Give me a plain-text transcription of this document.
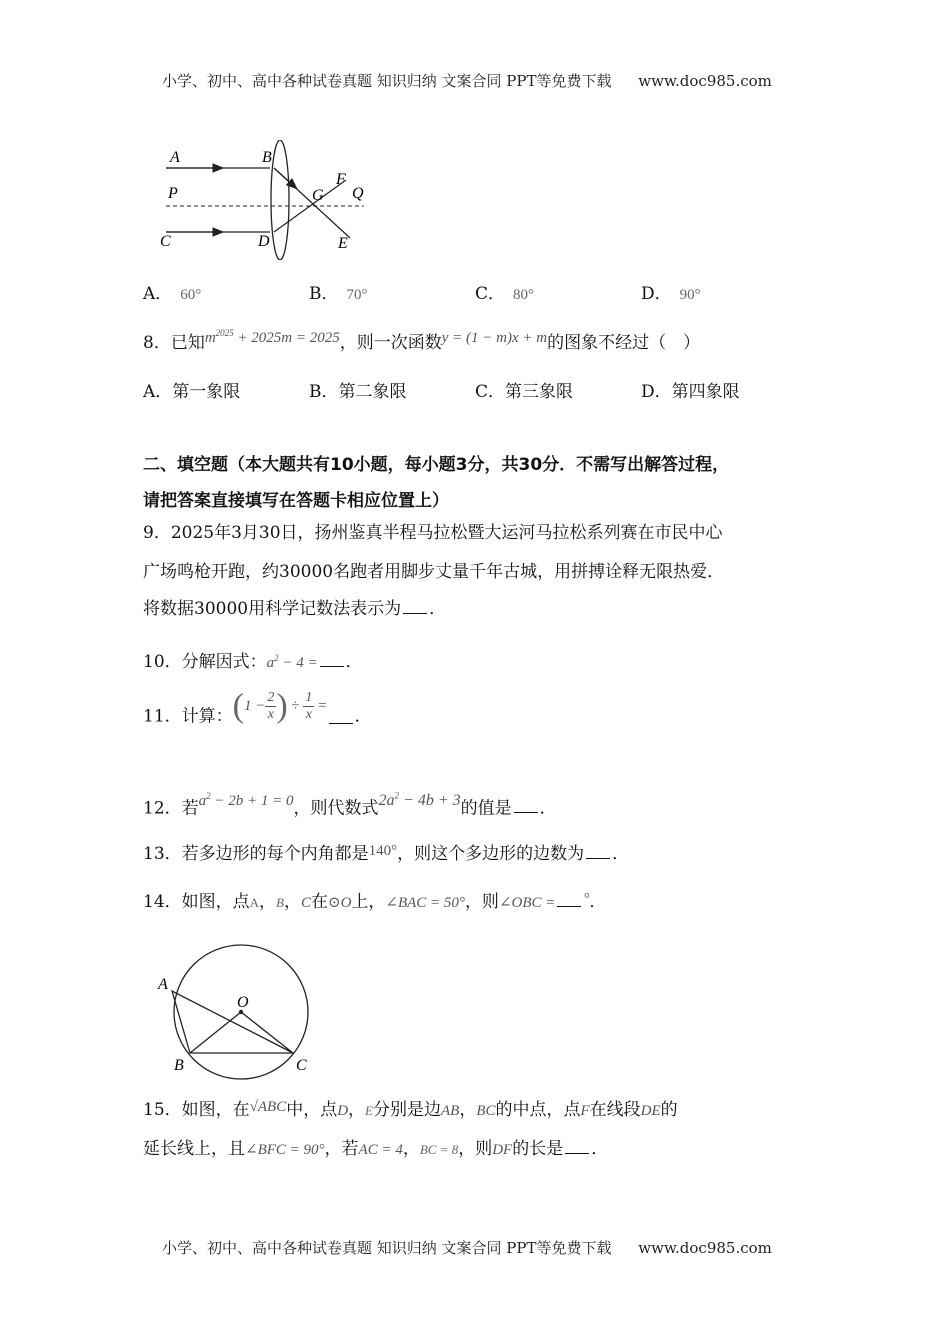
小学、初中、高中各种试卷真题 知识归纳 文案合同 PPT等免费下载 www.doc985.com
A	B
P	G
F
Q
C	D	E
A． 60°	B． 70°	C． 80°	D． 90°
8．已知$m^{2025} + 2025m = 2025$，则一次函数y = (1 − m)x + m的图象不经过（　）
A．第一象限	B．第二象限	C．第三象限	D．第四象限
二、填空题（本大题共有10小题，每小题3分，共30分．不需写出解答过程，
请把答案直接填写在答题卡相应位置上）
9．2025年3月30日，扬州鉴真半程马拉松暨大运河马拉松系列赛在市民中心
广场鸣枪开跑，约30000名跑者用脚步丈量千年古城，用拼搏诠释无限热爱．
将数据30000用科学记数法表示为 ．
10．分解因式：$a^2 - 4$ = ．
11．计算：($1 - \frac{2}{x}$ ) ÷ $\frac{1}{x}$ =．
12．若$a^2 - 2b + 1 = 0$，则代数式$2a^2 - 4b + 3$的值是 ．
13．若多边形的每个内角都是140°，则这个多边形的边数为 ．
14．如图，点A，B，C在⊙O上，∠BAC = 50°，则∠OBC = °．
A
O
B	C
15．如图，在√ABC中，点D，E分别是边AB，BC的中点，点F在线段DE的
延长线上，且∠BFC = 90°，若AC = 4，BC = 8，则DF的长是 ．
小学、初中、高中各种试卷真题 知识归纳 文案合同 PPT等免费下载 www.doc985.com
